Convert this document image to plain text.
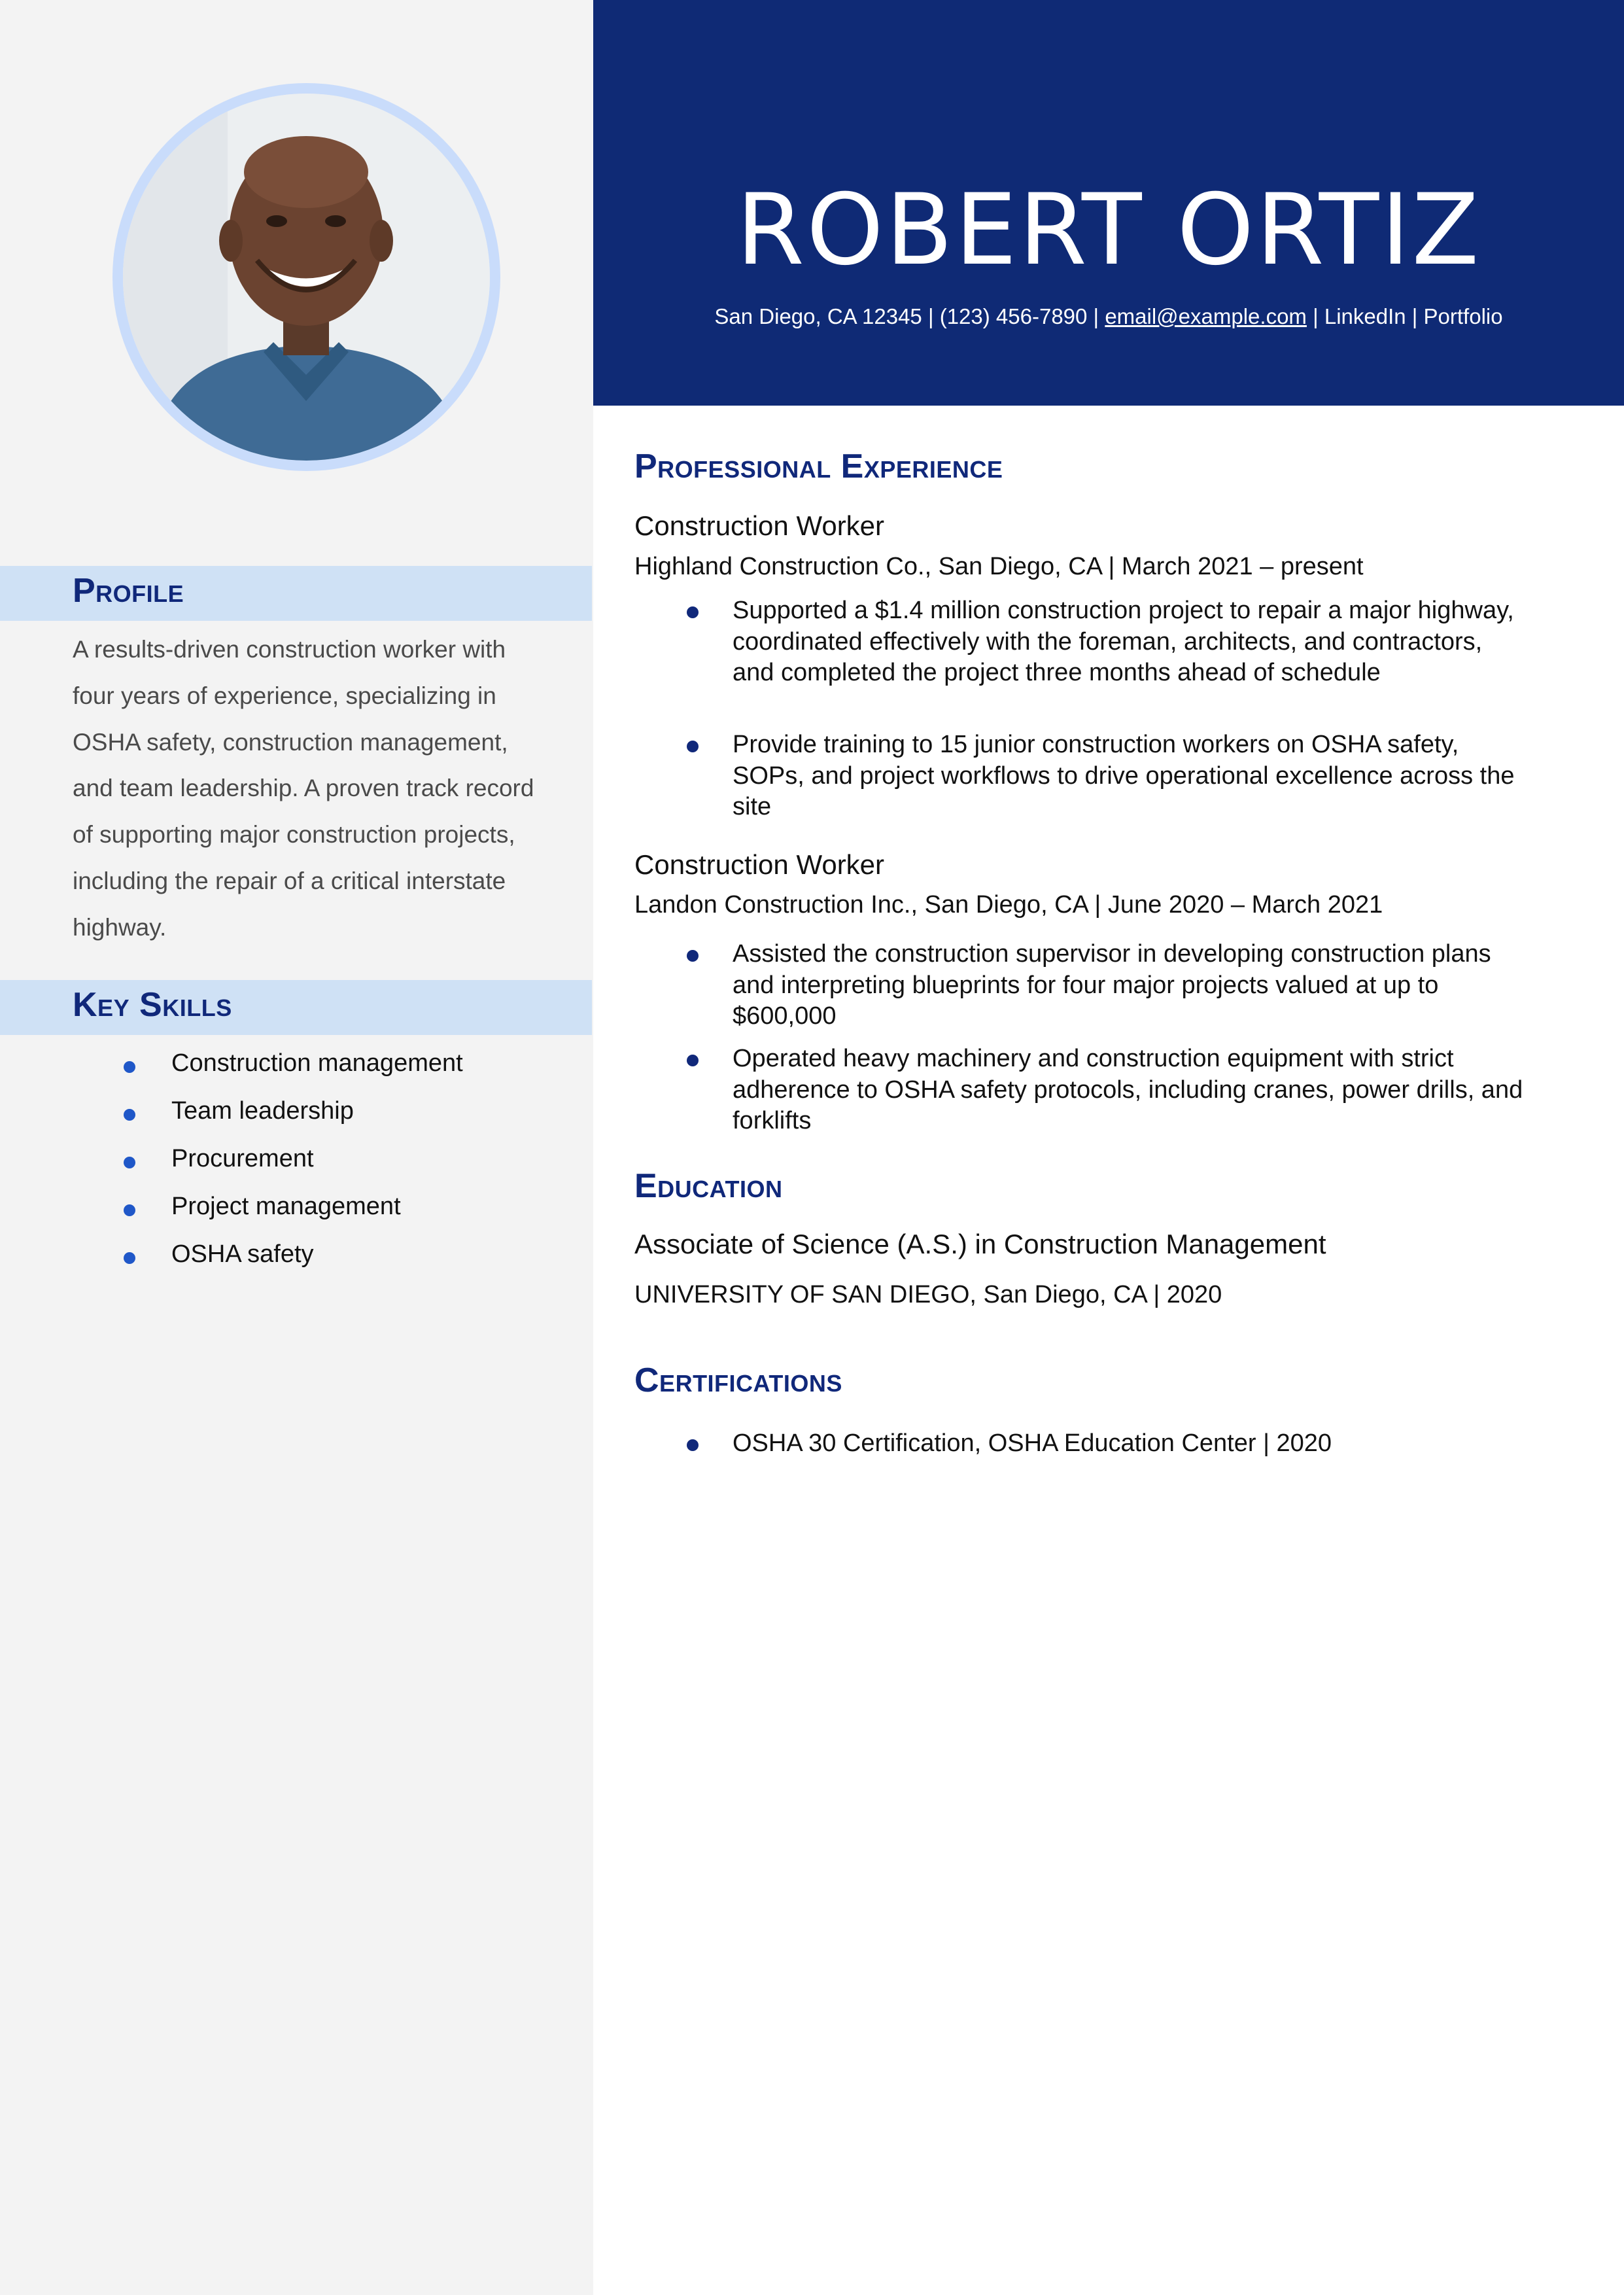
Profile

A results-driven construction worker with four years of experience, specializing in OSHA safety, construction management, and team leadership. A proven track record of supporting major construction projects, including the repair of a critical interstate highway.

Key Skills
Construction management
Team leadership
Procurement
Project management
OSHA safety
ROBERT ORTIZ
San Diego, CA 12345 | (123) 456-7890 | email@example.com | LinkedIn | Portfolio
Professional Experience
Construction Worker
Highland Construction Co., San Diego, CA | March 2021 – present
Supported a $1.4 million construction project to repair a major highway, coordinated effectively with the foreman, architects, and contractors, and completed the project three months ahead of schedule
Provide training to 15 junior construction workers on OSHA safety, SOPs, and project workflows to drive operational excellence across the site
Construction Worker
Landon Construction Inc., San Diego, CA | June 2020 – March 2021
Assisted the construction supervisor in developing construction plans and interpreting blueprints for four major projects valued at up to $600,000
Operated heavy machinery and construction equipment with strict adherence to OSHA safety protocols, including cranes, power drills, and forklifts
Education
Associate of Science (A.S.) in Construction Management
UNIVERSITY OF SAN DIEGO, San Diego, CA | 2020
Certifications
OSHA 30 Certification, OSHA Education Center | 2020
